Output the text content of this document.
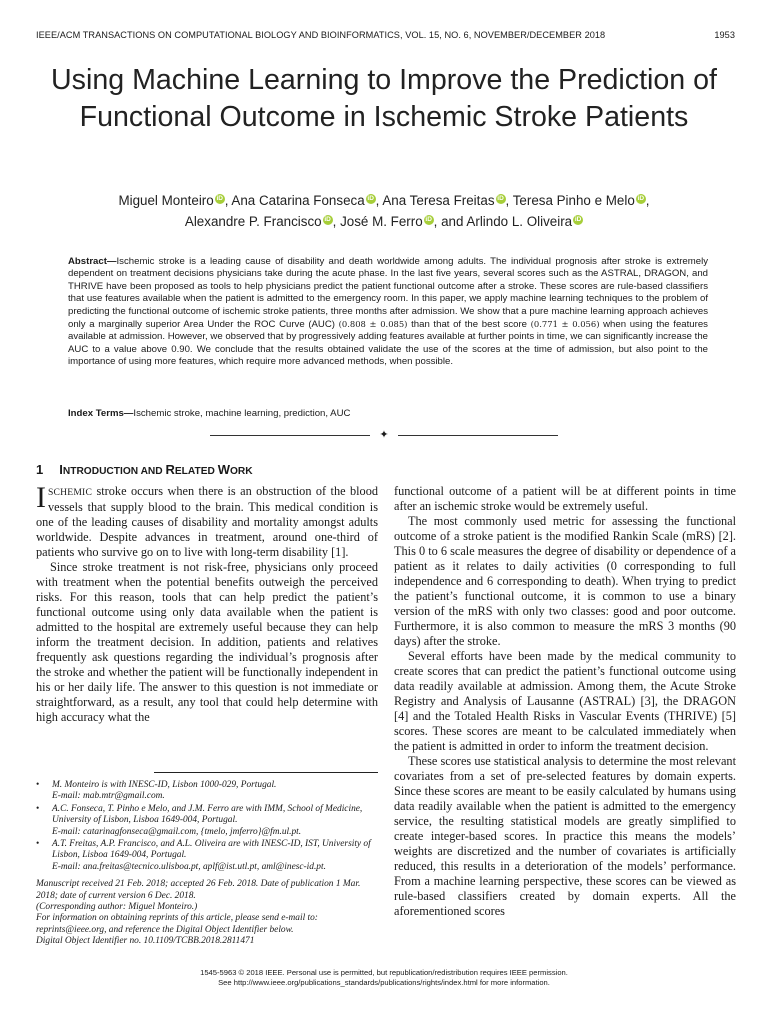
IEEE/ACM TRANSACTIONS ON COMPUTATIONAL BIOLOGY AND BIOINFORMATICS, VOL. 15, NO. 6, NOVEMBER/DECEMBER 2018	1953
Using Machine Learning to Improve the Prediction of Functional Outcome in Ischemic Stroke Patients
Miguel Monteiro iD , Ana Catarina Fonseca iD , Ana Teresa Freitas iD , Teresa Pinho e Melo iD ,
Alexandre P. Francisco iD , José M. Ferro iD , and Arlindo L. Oliveira iD
Abstract—Ischemic stroke is a leading cause of disability and death worldwide among adults. The individual prognosis after stroke is extremely dependent on treatment decisions physicians take during the acute phase. In the last five years, several scores such as the ASTRAL, DRAGON, and THRIVE have been proposed as tools to help physicians predict the patient functional outcome after a stroke. These scores are rule-based classifiers that use features available when the patient is admitted to the emergency room. In this paper, we apply machine learning techniques to the problem of predicting the functional outcome of ischemic stroke patients, three months after admission. We show that a pure machine learning approach achieves only a marginally superior Area Under the ROC Curve (AUC) (0.808 ± 0.085) than that of the best score (0.771 ± 0.056) when using the features available at admission. However, we observed that by progressively adding features available at further points in time, we can significantly increase the AUC to a value above 0.90. We conclude that the results obtained validate the use of the scores at the time of admission, but also point to the importance of using more features, which require more advanced methods, when possible.
Index Terms—Ischemic stroke, machine learning, prediction, AUC
✦
1 INTRODUCTION AND RELATED WORK

ISCHEMIC stroke occurs when there is an obstruction of the blood vessels that supply blood to the brain. This medical condition is one of the leading causes of disability and mortality amongst adults worldwide. Despite advances in treatment, around one-third of patients who survive go on to live with long-term disability [1].

Since stroke treatment is not risk-free, physicians only proceed with treatment when the potential benefits outweigh the perceived risks. For this reason, tools that can help predict the patient’s functional outcome using only data available when the patient is admitted to the hospital are extremely useful because they can help inform the treatment decision. In addition, patients and relatives frequently ask questions regarding the individual’s prognosis after the stroke and whether the patient will be functionally independent in his or her daily life. The answer to this question is not immediate or straightforward, as a result, any tool that could help determine with high accuracy what the

functional outcome of a patient will be at different points in time after an ischemic stroke would be extremely useful.

The most commonly used metric for assessing the functional outcome of a stroke patient is the modified Rankin Scale (mRS) [2]. This 0 to 6 scale measures the degree of disability or dependence of a patient as it relates to daily activities (0 corresponding to full independence and 6 corresponding to death). When trying to predict the patient’s functional outcome, it is common to use a binary version of the mRS with only two classes: good and poor outcome. Furthermore, it is also common to measure the mRS 3 months (90 days) after the stroke.

Several efforts have been made by the medical community to create scores that can predict the patient’s functional outcome using data readily available at admission. Among them, the Acute Stroke Registry and Analysis of Lausanne (ASTRAL) [3], the DRAGON [4] and the Totaled Health Risks in Vascular Events (THRIVE) [5] scores. These scores are meant to be calculated immediately when the patient is admitted in order to inform the treatment decision.

These scores use statistical analysis to determine the most relevant covariates from a set of pre-selected features by domain experts. Since these scores are meant to be easily calculated by humans using data readily available when the patient is admitted to the emergency service, the resulting statistical models are greatly simplified to create integer-based scores. In practice this means the models’ weights are discretized and the number of covariates is artificially reduced, this results in a deterioration of the models’ performance. From a machine learning perspective, these scores can be viewed as rule-based classifiers created by domain experts. All the aforementioned scores

• M. Monteiro is with INESC-ID, Lisbon 1000-029, Portugal.
E-mail: mab.mtr@gmail.com.
• A.C. Fonseca, T. Pinho e Melo, and J.M. Ferro are with IMM, School of Medicine, University of Lisbon, Lisboa 1649-004, Portugal.
E-mail: catarinagfonseca@gmail.com, {tmelo, jmferro}@fm.ul.pt.
• A.T. Freitas, A.P. Francisco, and A.L. Oliveira are with INESC-ID, IST, University of Lisbon, Lisboa 1649-004, Portugal.
E-mail: ana.freitas@tecnico.ulisboa.pt, aplf@ist.utl.pt, aml@inesc-id.pt.

Manuscript received 21 Feb. 2018; accepted 26 Feb. 2018. Date of publication 1 Mar. 2018; date of current version 6 Dec. 2018.

(Corresponding author: Miguel Monteiro.)

For information on obtaining reprints of this article, please send e-mail to: reprints@ieee.org, and reference the Digital Object Identifier below.

Digital Object Identifier no. 10.1109/TCBB.2018.2811471

1545-5963 © 2018 IEEE. Personal use is permitted, but republication/redistribution requires IEEE permission.
See http://www.ieee.org/publications_standards/publications/rights/index.html for more information.
